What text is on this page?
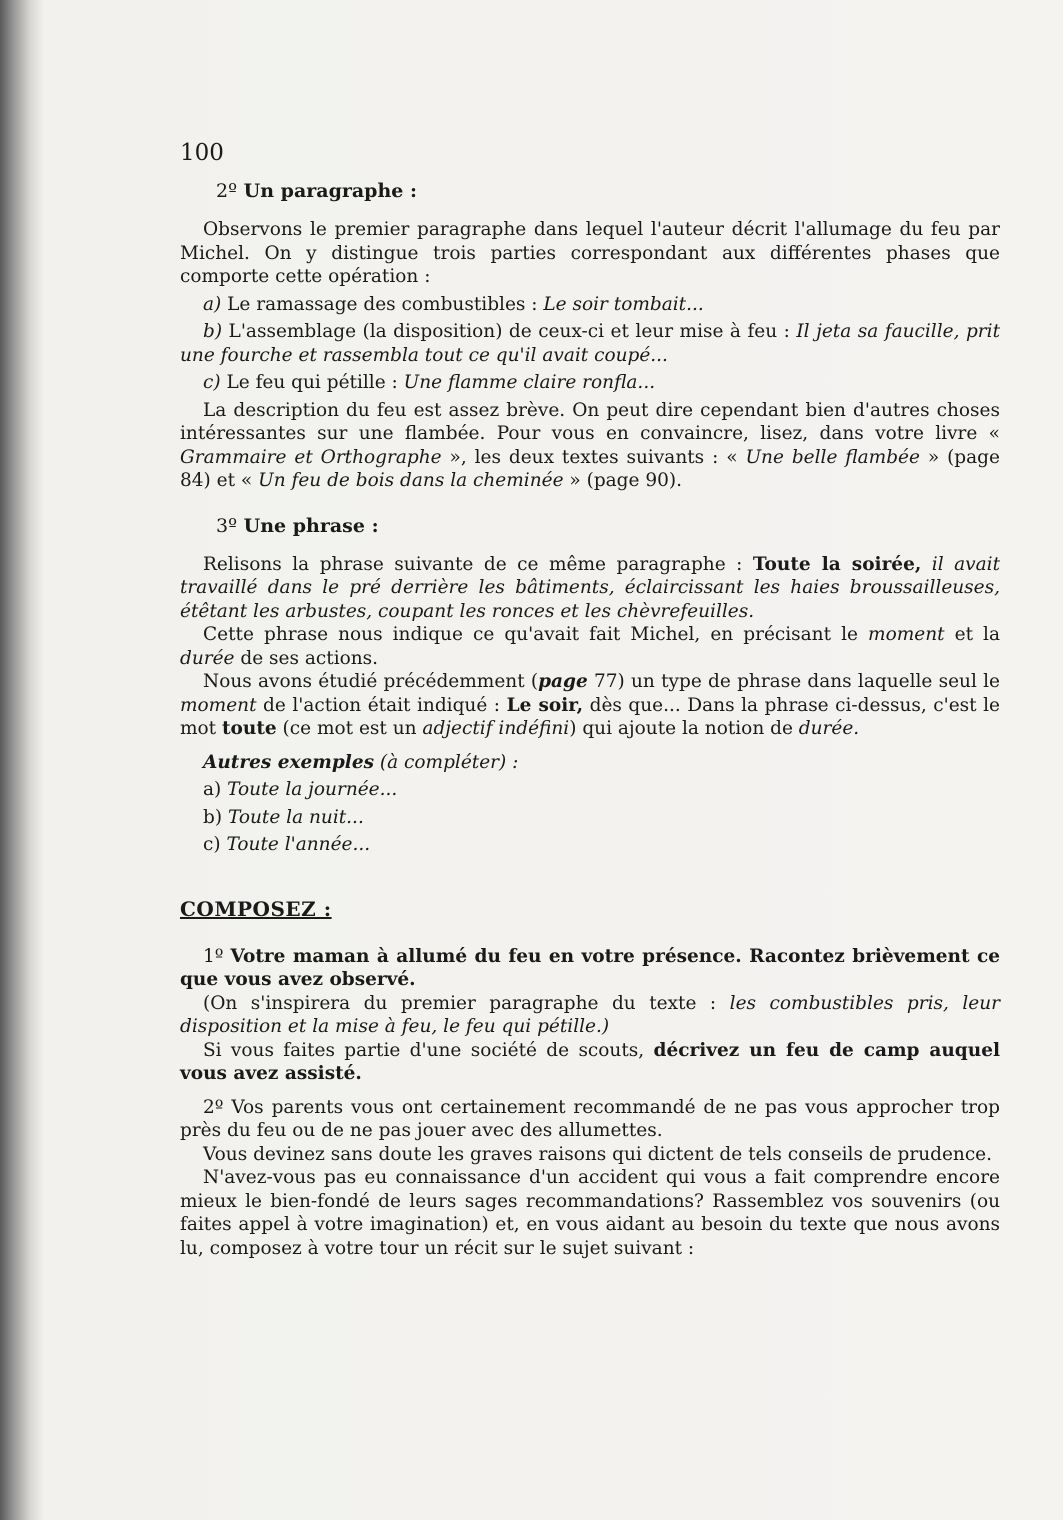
100
2º Un paragraphe :

Observons le premier paragraphe dans lequel l'auteur décrit l'allumage du feu par Michel. On y distingue trois parties correspondant aux différentes phases que comporte cette opération :

a) Le ramassage des combustibles : Le soir tombait...

b) L'assemblage (la disposition) de ceux-ci et leur mise à feu : Il jeta sa faucille, prit une fourche et rassembla tout ce qu'il avait coupé...

c) Le feu qui pétille : Une flamme claire ronfla...

La description du feu est assez brève. On peut dire cependant bien d'autres choses intéressantes sur une flambée. Pour vous en convaincre, lisez, dans votre livre « Grammaire et Orthographe », les deux textes suivants : « Une belle flambée » (page 84) et « Un feu de bois dans la cheminée » (page 90).

3º Une phrase :

Relisons la phrase suivante de ce même paragraphe : Toute la soirée, il avait travaillé dans le pré derrière les bâtiments, éclaircissant les haies broussailleuses, étêtant les arbustes, coupant les ronces et les chèvrefeuilles.

Cette phrase nous indique ce qu'avait fait Michel, en précisant le moment et la durée de ses actions.

Nous avons étudié précédemment (page 77) un type de phrase dans laquelle seul le moment de l'action était indiqué : Le soir, dès que... Dans la phrase ci-dessus, c'est le mot toute (ce mot est un adjectif indéfini) qui ajoute la notion de durée.

Autres exemples (à compléter) :

a) Toute la journée...
b) Toute la nuit...
c) Toute l'année...
COMPOSEZ :

1º Votre maman à allumé du feu en votre présence. Racontez brièvement ce que vous avez observé.

(On s'inspirera du premier paragraphe du texte : les combustibles pris, leur disposition et la mise à feu, le feu qui pétille.)

Si vous faites partie d'une société de scouts, décrivez un feu de camp auquel vous avez assisté.

2º Vos parents vous ont certainement recommandé de ne pas vous approcher trop près du feu ou de ne pas jouer avec des allumettes.

Vous devinez sans doute les graves raisons qui dictent de tels conseils de prudence.

N'avez-vous pas eu connaissance d'un accident qui vous a fait comprendre encore mieux le bien-fondé de leurs sages recommandations? Rassemblez vos souvenirs (ou faites appel à votre imagination) et, en vous aidant au besoin du texte que nous avons lu, composez à votre tour un récit sur le sujet suivant :
